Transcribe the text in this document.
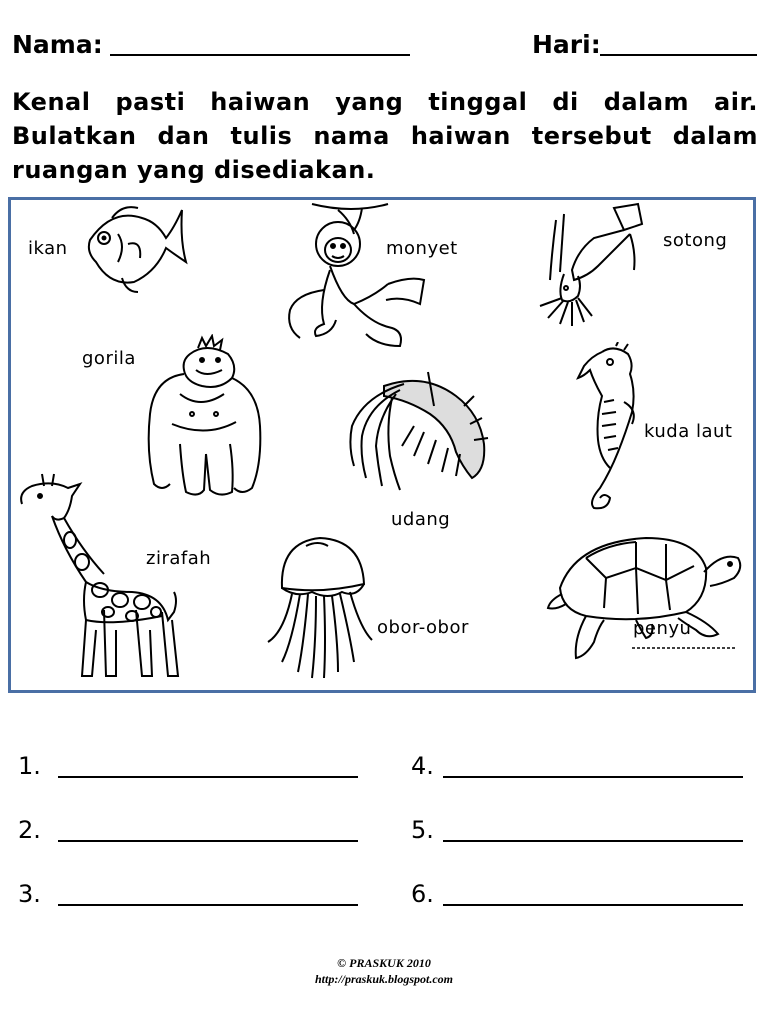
Nama:	Hari:
Kenal pasti haiwan yang tinggal di dalam air.
Bulatkan dan tulis nama haiwan tersebut dalam
ruangan yang disediakan.
ikan	monyet	sotong
gorila
udang
kuda laut
zirafah
obor-obor	penyu
1.
2.
3.
4.
5.
6.
© PRASKUK 2010
http://praskuk.blogspot.com
